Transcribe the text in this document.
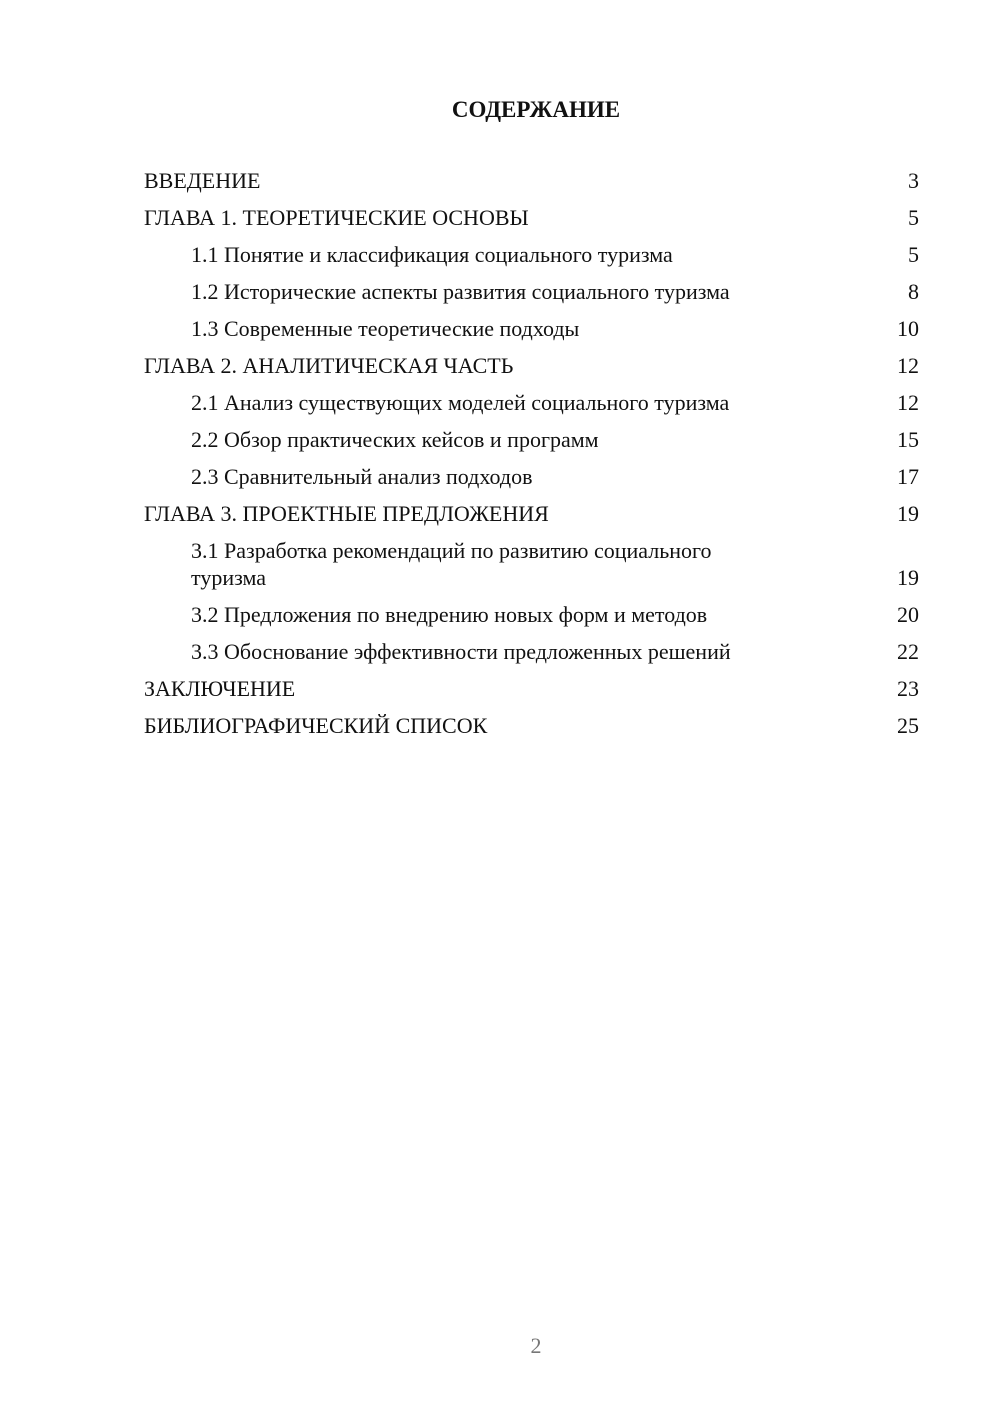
СОДЕРЖАНИЕ
ВВЕДЕНИЕ	3
ГЛАВА 1. ТЕОРЕТИЧЕСКИЕ ОСНОВЫ	5
1.1 Понятие и классификация социального туризма	5
1.2 Исторические аспекты развития социального туризма	8
1.3 Современные теоретические подходы	10
ГЛАВА 2. АНАЛИТИЧЕСКАЯ ЧАСТЬ	12
2.1 Анализ существующих моделей социального туризма	12
2.2 Обзор практических кейсов и программ	15
2.3 Сравнительный анализ подходов	17
ГЛАВА 3. ПРОЕКТНЫЕ ПРЕДЛОЖЕНИЯ	19
3.1 Разработка рекомендаций по развитию социального туризма	19
3.2 Предложения по внедрению новых форм и методов	20
3.3 Обоснование эффективности предложенных решений	22
ЗАКЛЮЧЕНИЕ	23
БИБЛИОГРАФИЧЕСКИЙ СПИСОК	25
2
